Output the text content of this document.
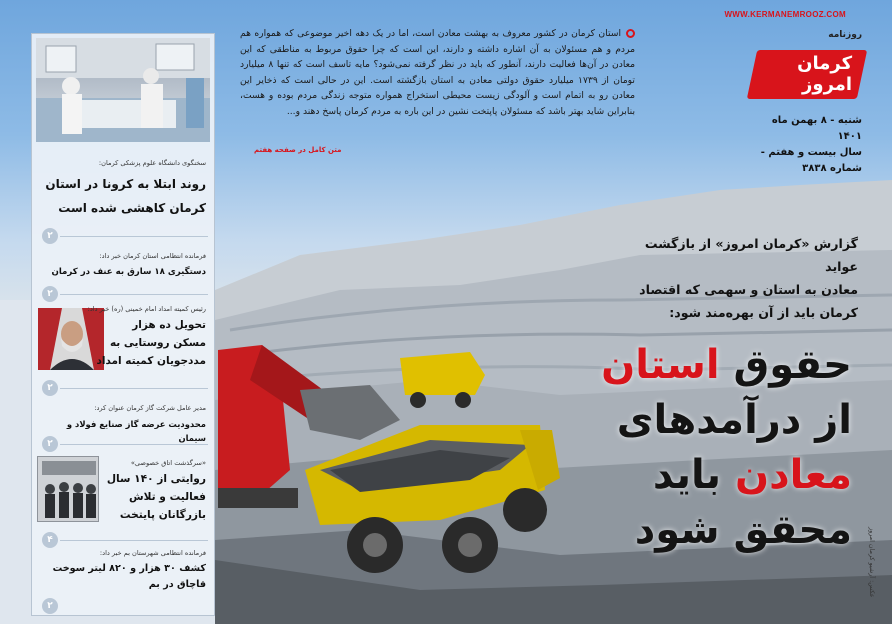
WWW.KERMANEMROOZ.COM
روزنامه
کرمان امروز
شنبه - ۸ بهمن ماه ۱۴۰۱
سال بیست و هفتم - شماره ۳۸۳۸
استان کرمان در کشور معروف به بهشت معادن است، اما در یک دهه اخیر موضوعی که همواره هم مردم و هم مسئولان به آن اشاره داشته و دارند، این است که چرا حقوق مربوط به مناطقی که این معادن در آن‌ها فعالیت دارند، آنطور که باید در نظر گرفته نمی‌شود؟ مایه تاسف است که تنها ۸ میلیارد تومان از ۱۷۳۹ میلیارد حقوق دولتی معادن به استان بازگشته است. این در حالی است که ذخایر این معادن رو به اتمام است و آلودگی زیست محیطی استخراج همواره متوجه زندگی مردم بوده و هست، بنابراین شاید بهتر باشد که مسئولان پاپتخت نشین در این باره به مردم کرمان پاسخ دهند و...
متن کامل در صفحه هفتم
گزارش «کرمان امروز» از بازگشت عواید
معادن به استان و سهمی که اقتصاد
کرمان باید از آن بهره‌مند شود:
حقوق استان
از درآمدهای
معادن باید
محقق شود	عکس: آرشیو کرمان امروز
سخنگوی دانشگاه علوم پزشکی کرمان:
روند ابتلا به کرونا در استان کرمان کاهشی شده است
۲
فرمانده انتظامی استان کرمان خبر داد:
دستگیری ۱۸ سارق به عنف در کرمان
۲
رئیس کمیته امداد امام خمینی (ره) خبر داد:
تحویل ده هزار مسکن روستایی به مددجویان کمیته امداد
۲
مدیر عامل شرکت گاز کرمان عنوان کرد:
محدودیت عرضه گاز صنایع فولاد و سیمان
۲
«سرگذشت اتاق خصوصی»
روایتی از ۱۴۰ سال فعالیت و تلاش بازرگانان پایتخت
۴
فرمانده انتظامی شهرستان بم خبر داد:
کشف ۳۰ هزار و ۸۲۰ لیتر سوخت قاچاق در بم
۲
